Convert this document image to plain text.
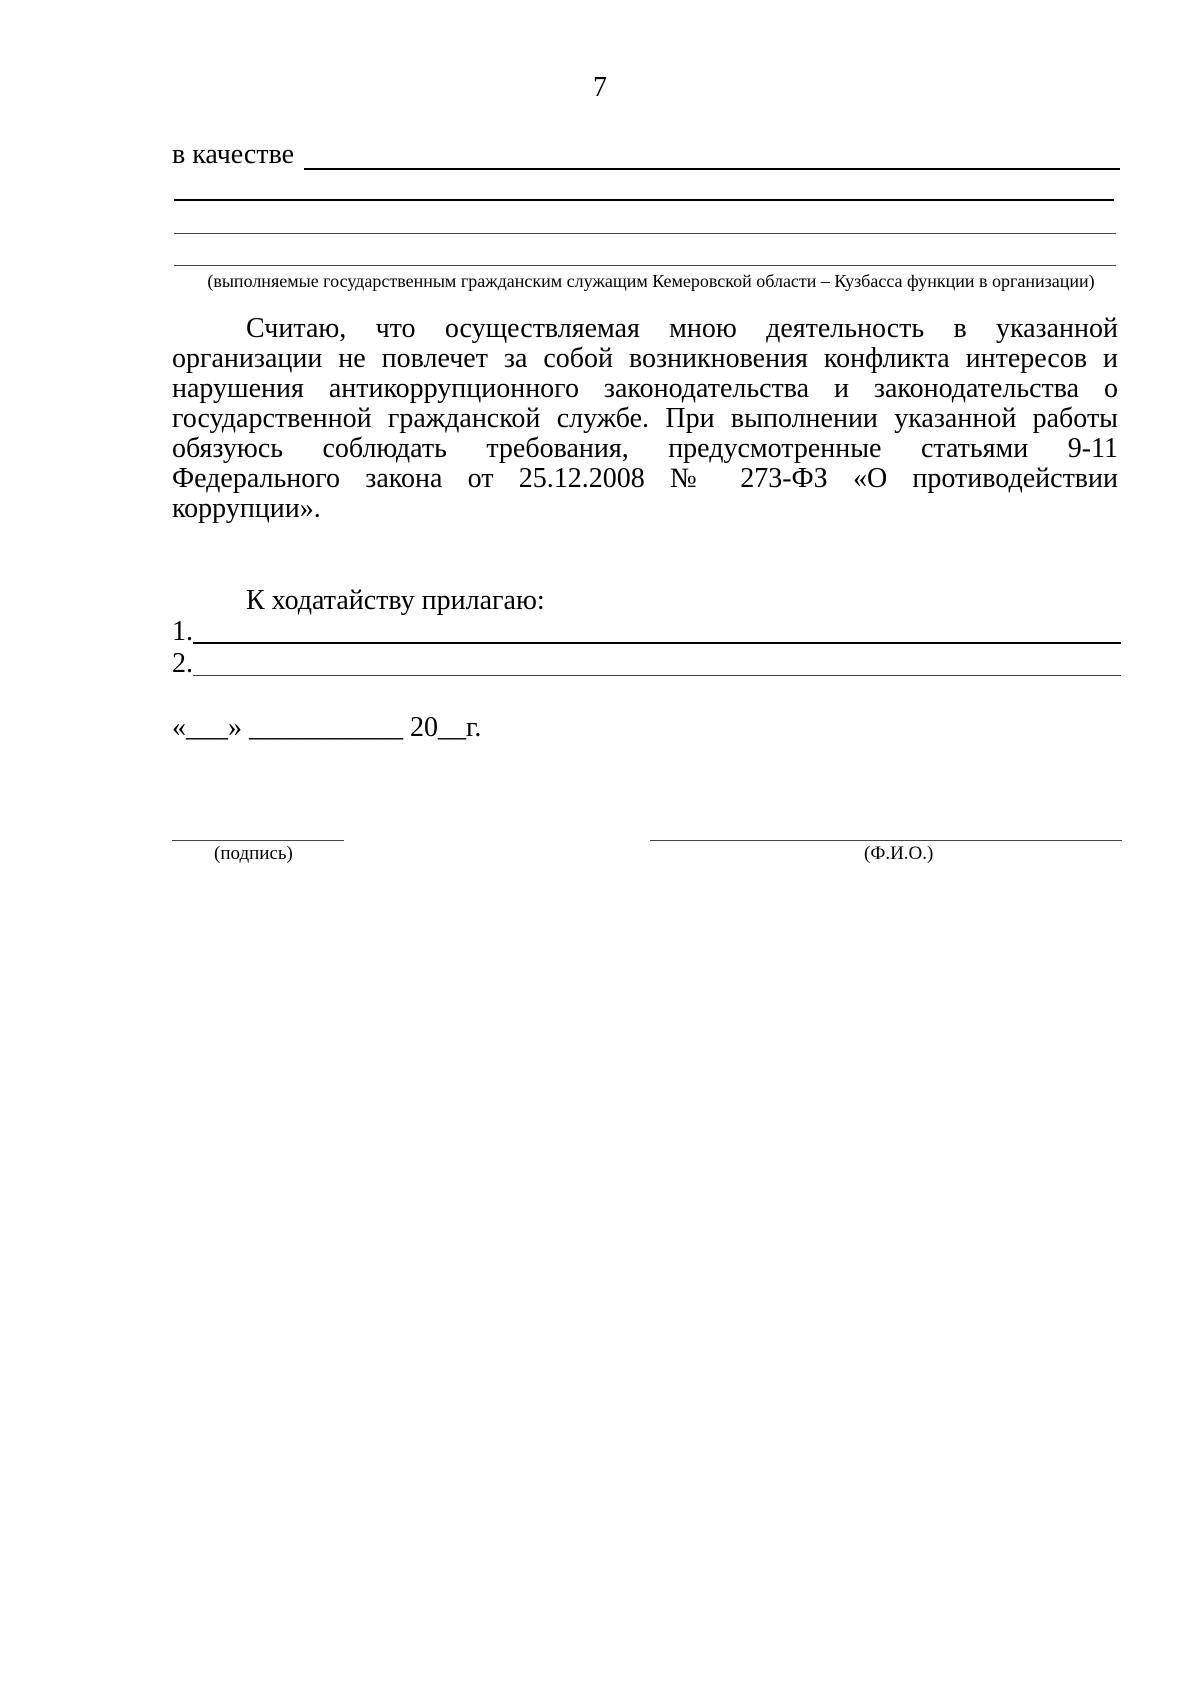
7
в качестве
(выполняемые государственным гражданским служащим Кемеровской области – Кузбасса функции в организации)
Считаю, что осуществляемая мною деятельность в указанной организации не повлечет за собой возникновения конфликта интересов и нарушения антикоррупционного законодательства и законодательства о государственной гражданской службе. При выполнении указанной работы обязуюсь соблюдать требования, предусмотренные статьями 9-11 Федерального закона от 25.12.2008 № 273-ФЗ «О противодействии коррупции».
К ходатайству прилагаю:
1.
2.
«___» ___________ 20__г.
(подпись)	(Ф.И.О.)
